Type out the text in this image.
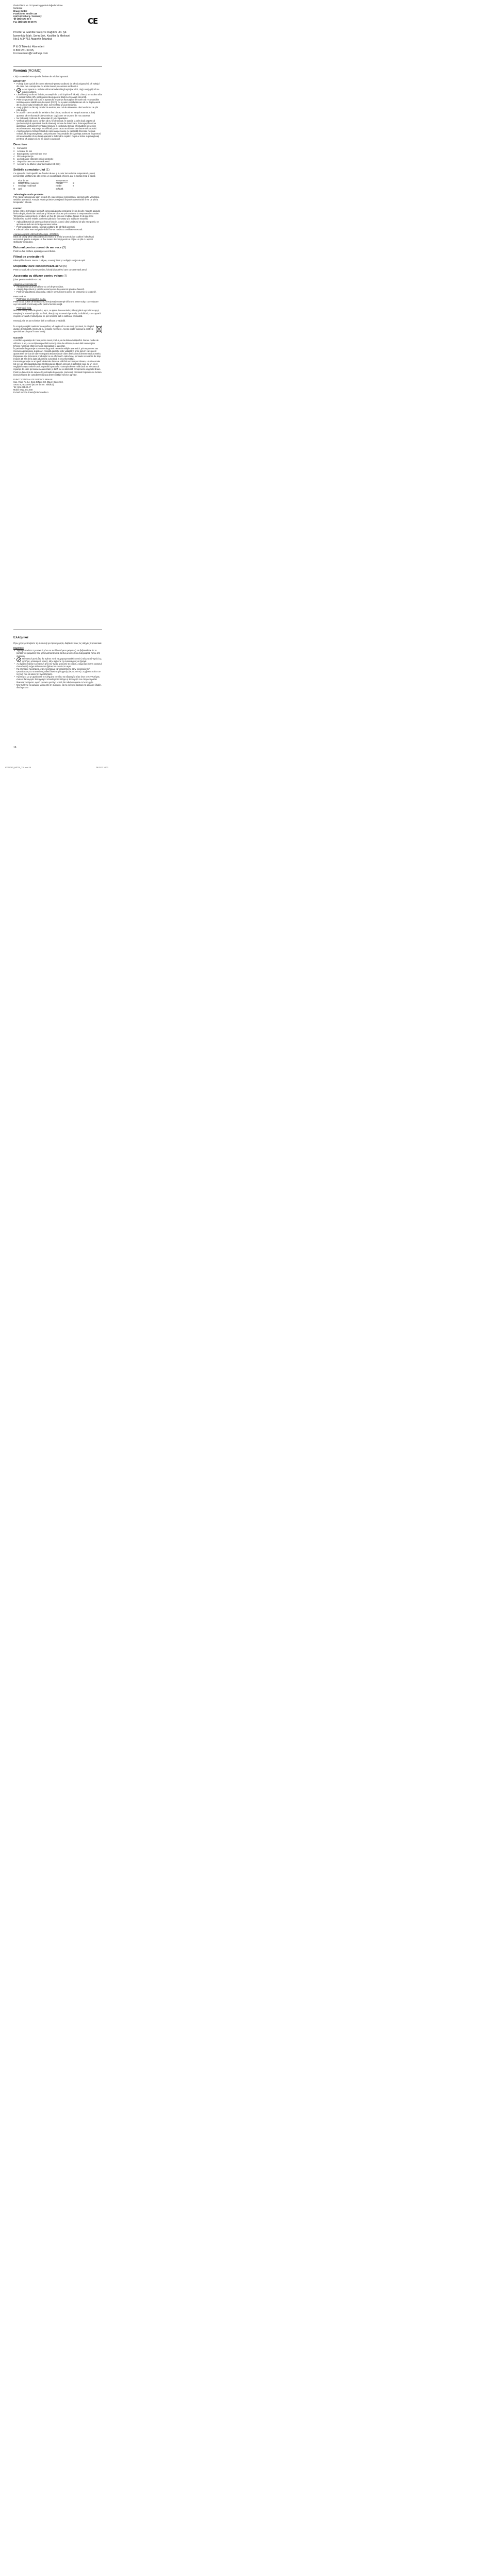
Üretici firma ve CE işareti uygunluk değerlendirme
kuruluşu:
Braun GmbH
Frankfurter Straße 145
61476 Kronberg / Germany
☏ (49) 6173 30 0
Fax (49) 6173 30 28 75	CE
Procter & Gamble Satış ve Dağıtım Ltd. Şti.
İçerenköy Mah. Serin Sok. Kosifler İş Merkezi
No:3 A 34752 Ataşehir, İstanbul
P & G Tüketici Hizmetleri
0 800 261 63 65,
trconsumers@custhelp.com
Română (RO/MD)

Citiţi cu atenţie instrucţiunile, înainte de a folosi aparatul.

IMPORTANT
• Folosiţi doar o priză de curent alternativ pentru uscătorul de păr şi asiguraţi-vă că voltajul din casa dvs. corespunde cu acela marcat pe carcasa uscătorului.
• Acest aparat nu trebuie utilizat niciodată lângă apă (ex: căzi, duş)! Aveţi grijă să nu udaţi uscătorul.
• Când folosiţi uscătorul în baie, scoateţi-l din priză după ce îl folosiţi. Chiar şi un uscător aflat în poziţia închis (off), poate prezenta un pericol dacă nu-l scoateţi din priză.
• Pentru o protecţie mai bună a aparatului împotriva fluctuaţiilor de curent vă recomandăm instalarea unui stabilizator de curent (RCD), cu o putere reziduală care să nu depăşească 30 mA în circuitul electric din baie. Cereţi sfatul unui profesionist.
• Aveţi grijă să nu blocaţi canalul de aerisire, sau cel de alimentare când uscătorul de păr este pornit.
• În cazul în care canalul de aerisire a fost blocat, uscătorul se va opri automat. Lăsaţi aparatul să se răcească câteva minute, după care se va porni din nou automat.
• Nu înfăşuraţi cordonul de alimentare în jurul aparatului.
• Verificaţi periodic acest cordon să nu fie deteriorat. În special la cele două capete: al ştecherului şi al aparatului. Dacă observaţi semne de deteriorare, întrerupeţi folosirea aparatului. Verificarea/eventuala înlocuire a cordonului trebuie efectuată la un service autorizat Braun. Reparaţia necalificată poate cauza accidente sau daune utilizatorului.
• Acest produs nu trebuie folosit de copii sau persoane cu capacităţi fizicesau mentale reduse, fără supravegherea unei persoane responsabile de siguranţa acestora! În general, vă recomandăm să nu lăsaţi aparatul la îndemâna copiilor. Copiii ar trebui supravegheaţi pentru a vă asigura că nu se joacă cu aparatul.
Descriere
1	Comutator
2	Activator de ioni
3	Buton pentru curent de aer rece
4	Filtru de protecţie
5	Led indicator eliberare ioni de protecţie
6	Dispozitiv care concentrează aerul
7	Accesoriu cu difuzor (doar la modelul HD 730)
Setările comutatorului (1)

Cu ajutorul a două ajustări ale fluxului de aer şi a celor trei setări de temperatură, puteţi personaliza uscătorul de păr pentru un coafat rapid, eficient, dar în acelaşi timp şi blând.

	Flux de aer	Temperatura	
II	curent de aer puternic	ridicată	III
I	ventilaţie moderată	medie	II
O	oprit	scăzută	I
Tehnologia «satin protect»

Prin ridicarea butonului satin protect (2), puteţi reduce temperatura, sporind astfel varietatea setărilor aparatului. Funcţia: «satin protect» protejează împotriva deteriorării firele de păr la temperaturi ridicate.

IONTEC

Iontec este o tehnologie specială concepută pentru protejarea firelor de păr. Aceasta asigură, firelor de păr, nivelul de umiditate şi hidratare distruse prin coafarea la temperaturi excesive.

Tehnologia «satin protect» produce un flux de ioni care învăluie fiecare fir de păr. Ionii îmblânzesc buclele rebele, conferind părului o frumuseţe şi o strălucire naturală.

• Apăsaţi butonul (2) pentru activarea funcţiei. Atunci când uscătorul de păr este pornit, se aprinde un led care indică generarea ionilor.
• Pentru rezultate optime, utilizaţi uscătorul de păr fără accesorii.
• Efectul ionilor este mai puţin vizibil într-un mediu cu umiditate crescută.
Aranjarea optimă utilizând tehnologia «IONTEC»

Dacă vă uscaţi părul utilizând un accesoriu, la finalul procesului de coafare îndepărtaţi accesoriul, pentru a asigura un flux maxim de ioni şi pentru a obţine un păr cu aspect strălucitor şi sănătos.

Butonul pentru curent de aer rece (3)

Pentru a fixa coafura, apăsaţi pe acest buton.

Filtrul de protecţie (4)

Păstraţi filtrul curat. Pentru curăţare, scoateţi filtrul şi curăţaţi-l sub jet de apă.

Dispozitiv care concentrează aerul (6)

Pentru o coafură cu forme precise, folosiţi dispozitivul care concentrează aerul.

Accesoriu cu difuzor pentru volum (7)
(doar pentru modelul HD 730)
Ataşarea accesoriului (b)
• Aliniaţi terminul de pe difuzor cu cel de pe uscător,
• Ataşaţi dispozitivul şi rotiţi în sensul acelor de ceasornic până se fixează.
• Pentru îndepărtarea difuzorului, rotiţi în sensul invers acelor de ceasornic şi scoateţi-l.
Pentru volum
Pentru păr scurt până la mediu.

Pentru a da volum de la rădăcină, direcţionaţi cu atenţie difuzorul peste scalp, cu o mişcare uşor circulară. Continuaţi astfel pentru fiecare şuviţă.

Pentru păr lung.

Mai întâi uscaţi vârfurile părului, apoi, cu ajutorul accesoriului, ridicaţi părul uşor către cap şi menţineţi în această poziţie. La final, direcţionaţi accesoriul pe scalp, la rădăcină, cu o uşoară mişcare circulară. Instrucţiunile se pot schimba fără o notificare prealabilă.

Instrucţiunile se pot schimba fără o notificare prealabilă.

În scopul protejării mediului înconjurător, vă rugăm să nu aruncaţi produsul, la sfârşitul duratei de folosinţă, împreună cu resturile menajere. Aceste poate fi depus la centrele specializate din ţara în care locuiţi.

Garanţie

Acordăm o garanţie de 2 ani pentru acest produs, de la data achiziţionării. Durata medie de utilizare: 5 ani, cu condiţia respectării instrucţiunilor de utilizare şi efectuării intervenţiilor tehnice numai de către personal specializat şi autorizat.

În perioada de garanţie vom remedia gratuit neconformităţile aparatului, prin repararea sau înlocuirea produsului, după caz. Această garanţie este valabilă în orice ţara în care acest aparat este furnizat de către compania Braun sau de către distribuitorul desemnat al acesteia. Repararea sau înlocuirea produselor se va efectua în cadrul unei perioade rezonabile de timp (maxim 15 zile de la data aducerii la cunoştinţă a neconformităţii).

Prezenta garanţie nu acoperă: defectele datorate utilizării necorespunzătoare, uzurii normale (de ex: ale sitei aparatului sau ale blocului de tăiere), precum şi defectele care au un efect neglijabil asupra valorii sau funcţionării aparatului. Garanţia devine nulă dacă se efectuează reparaţii de către persoane neautorizate şi dacă nu se utilizează componente originale Braun.

Pentru a beneficia de service în perioada de garanţie, prezentaţi produsul împreună cu factura (bonul/chitanţa de cumpărare) la una dintre unităţile service agreate.

PUNCT CENTRAL DE SERVICE BRAUN
Sos. Viilor, Nr. 14, Corp Clădire C2, Etaj 2, Birou nr.3,
Sector 5, Bucuresti (acces din Str. Năsăud)
Tel: 021-224.00.47
Mobil: 0722.541.548
E-mail: service.braun@interbrands.ro
Ελληνικά

Πριν χρησιμοποιήσετε τη συσκευή για πρώτη φορά, διαβάστε όλες τις οδηγίες προσεκτικά.

Σημαντικό
• Χρησιμοποιείστε τη συσκευή μόνο σε εναλλασσόμενο ρεύμα (~) και βεβαιωθείτε ότι το βολτάζ του ρεύματος που χρήσιμοποιείτε είναι το ίδιο με αυτό που αναγράφεται πάνω στη συσκευή.
• Η συσκευή αυτή δεν θα πρέπει ποτέ να χρησιμοποιηθεί κοντά ή πάνω από νερό (π.χ. νιπτήρα, μπανιέρα ή ντους). Μην αφήσετε τη συσκευή σας να βραχεί.
• Αν βγάζετε πάντα τη συσκευή από την πρίζα μετά από τη χρήση. Ακόμα και όταν η συσκευή είναι κλειστή ενέχει κίνδυνο όταν βρίσκεται κοντά στο νερό.
• Για επιπλέον προστασία, σας συνιστούμε να τοποθετήσετε στην ηλεκτρολογική εγκατάσταση του σπιτιού σας ειδικό διακόπτη διαρροής (RCD 30 mA). Συμβουλευτείτε τον τεχνικό που θα κάνει την εγκατάσταση.
• Προσέχετε να μη φράσσετε τα πλέγματα εισόδου και εξαγωγής αέρα όταν ο στεγνωτήρας είναι σε λειτουργία. Εάν φραχτεί οποιοδήποτε πλέγμα η λειτουργία του στεγνωτήρα θα διακοπεί αυτόματα. Αφού κρυώσει για λίγα λεπτά, θα τεθεί αυτόματα σε λειτουργία.
• Μην τυλίγετε το καλώδιο γύρω από τη συσκευή. Να το ελέγχετε τακτικά για φθορά ή βλάβη, ιδιαίτερα στο
16
92250393_HD730_710.indd 16	28.03.12 14:32
